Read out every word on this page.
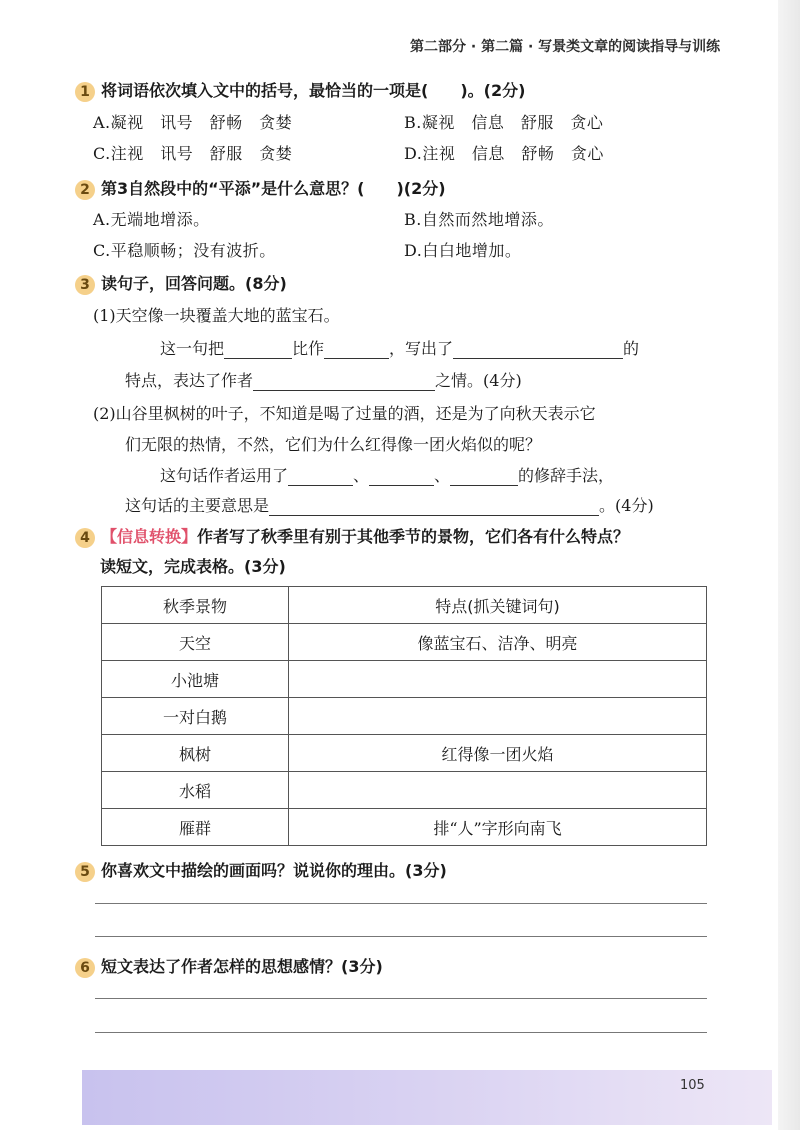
第二部分 · 第二篇 · 写景类文章的阅读指导与训练
1 将词语依次填入文中的括号，最恰当的一项是(　　)。(2分)
A.凝视　讯号　舒畅　贪婪	B.凝视　信息　舒服　贪心
C.注视　讯号　舒服　贪婪	D.注视　信息　舒畅　贪心
2 第3自然段中的“平添”是什么意思？(　　)(2分)
A.无端地增添。	B.自然而然地增添。
C.平稳顺畅；没有波折。	D.白白地增加。
3 读句子，回答问题。(8分)
(1)天空像一块覆盖大地的蓝宝石。
这一句把	比作	，写出了	的
特点，表达了作者	之情。(4分)
(2)山谷里枫树的叶子，不知道是喝了过量的酒，还是为了向秋天表示它
们无限的热情，不然，它们为什么红得像一团火焰似的呢？
这句话作者运用了	、	、	的修辞手法，
这句话的主要意思是	。(4分)
4 【信息转换】作者写了秋季里有别于其他季节的景物，它们各有什么特点？
读短文，完成表格。(3分)
秋季景物	特点(抓关键词句)
天空	像蓝宝石、洁净、明亮
小池塘	
一对白鹅	
枫树	红得像一团火焰
水稻	
雁群	排“人”字形向南飞
5 你喜欢文中描绘的画面吗？说说你的理由。(3分)
6 短文表达了作者怎样的思想感情？(3分)
105
